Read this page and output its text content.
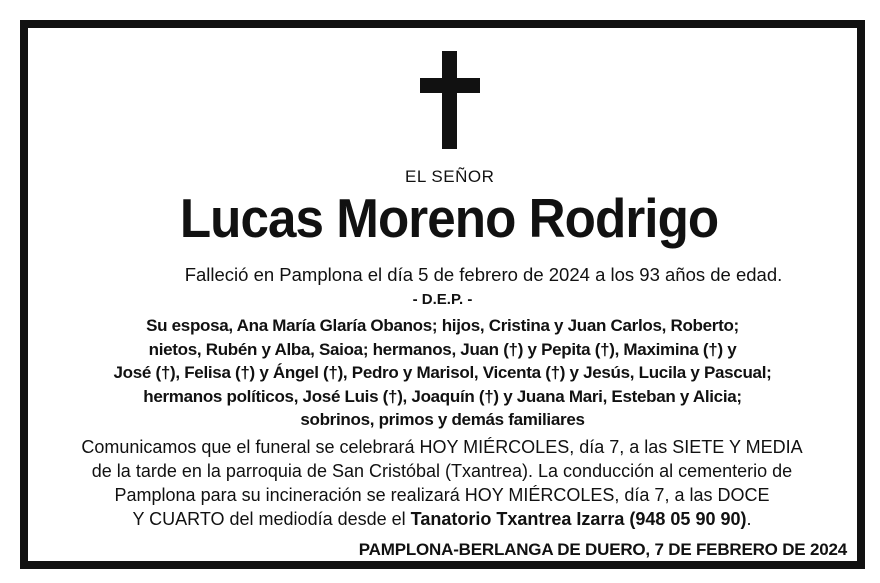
EL SEÑOR
Lucas Moreno Rodrigo
Falleció en Pamplona el día 5 de febrero de 2024 a los 93 años de edad.
- D.E.P. -
Su esposa, Ana María Glaría Obanos; hijos, Cristina y Juan Carlos, Roberto;
nietos, Rubén y Alba, Saioa; hermanos, Juan (†) y Pepita (†), Maximina (†) y
José (†), Felisa (†) y Ángel (†), Pedro y Marisol, Vicenta (†) y Jesús, Lucila y Pascual;
hermanos políticos, José Luis (†), Joaquín (†) y Juana Mari, Esteban y Alicia;
sobrinos, primos y demás familiares
Comunicamos que el funeral se celebrará HOY MIÉRCOLES, día 7, a las SIETE Y MEDIA
de la tarde en la parroquia de San Cristóbal (Txantrea). La conducción al cementerio de
Pamplona para su incineración se realizará HOY MIÉRCOLES, día 7, a las DOCE
Y CUARTO del mediodía desde el Tanatorio Txantrea Izarra (948 05 90 90).
PAMPLONA-BERLANGA DE DUERO, 7 DE FEBRERO DE 2024
